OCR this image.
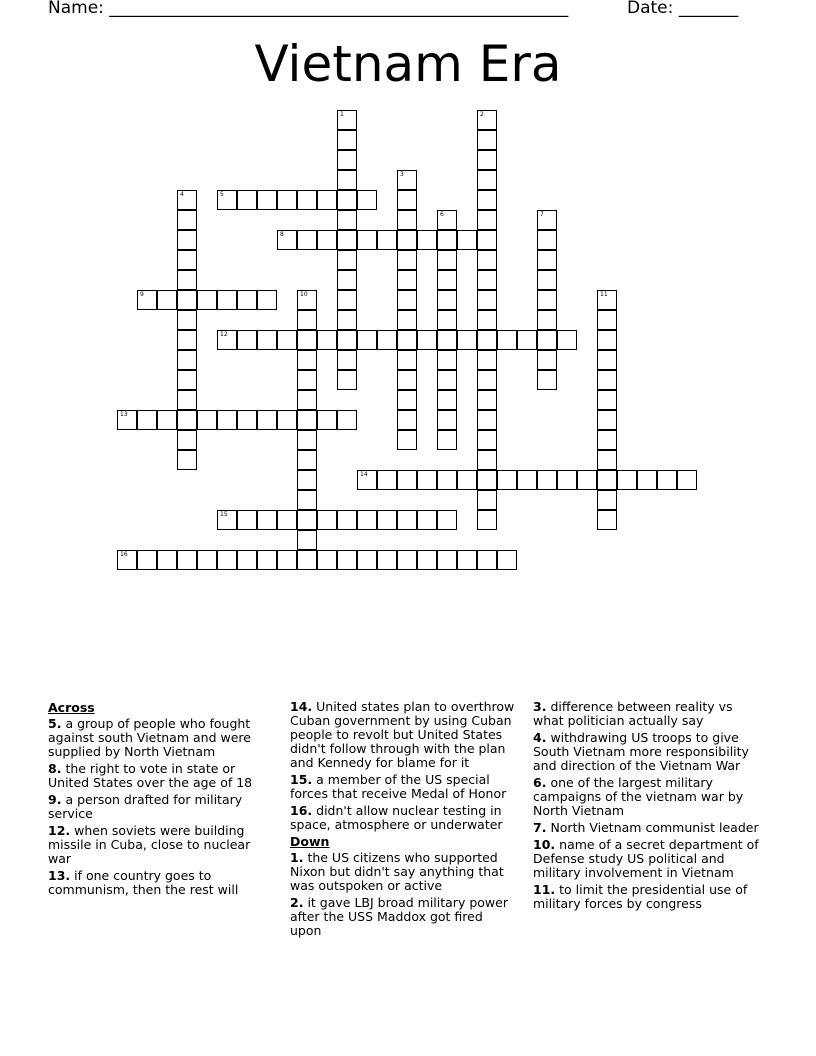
Name: ______________________________________________________	Date: _______
Vietnam Era
1	2
3
4	5
6	7
8
9	10	11
12
13
14
15
16
Across
5. a group of people who fought against south Vietnam and were supplied by North Vietnam
8. the right to vote in state or United States over the age of 18
9. a person drafted for military service
12. when soviets were building missile in Cuba, close to nuclear war
13. if one country goes to communism, then the rest will
14. United states plan to overthrow Cuban government by using Cuban people to revolt but United States didn't follow through with the plan and Kennedy for blame for it
15. a member of the US special forces that receive Medal of Honor
16. didn't allow nuclear testing in space, atmosphere or underwater
Down
1. the US citizens who supported Nixon but didn't say anything that was outspoken or active
2. it gave LBJ broad military power after the USS Maddox got fired upon
3. difference between reality vs what politician actually say
4. withdrawing US troops to give South Vietnam more responsibility and direction of the Vietnam War
6. one of the largest military campaigns of the vietnam war by North Vietnam
7. North Vietnam communist leader
10. name of a secret department of Defense study US political and military involvement in Vietnam
11. to limit the presidential use of military forces by congress
